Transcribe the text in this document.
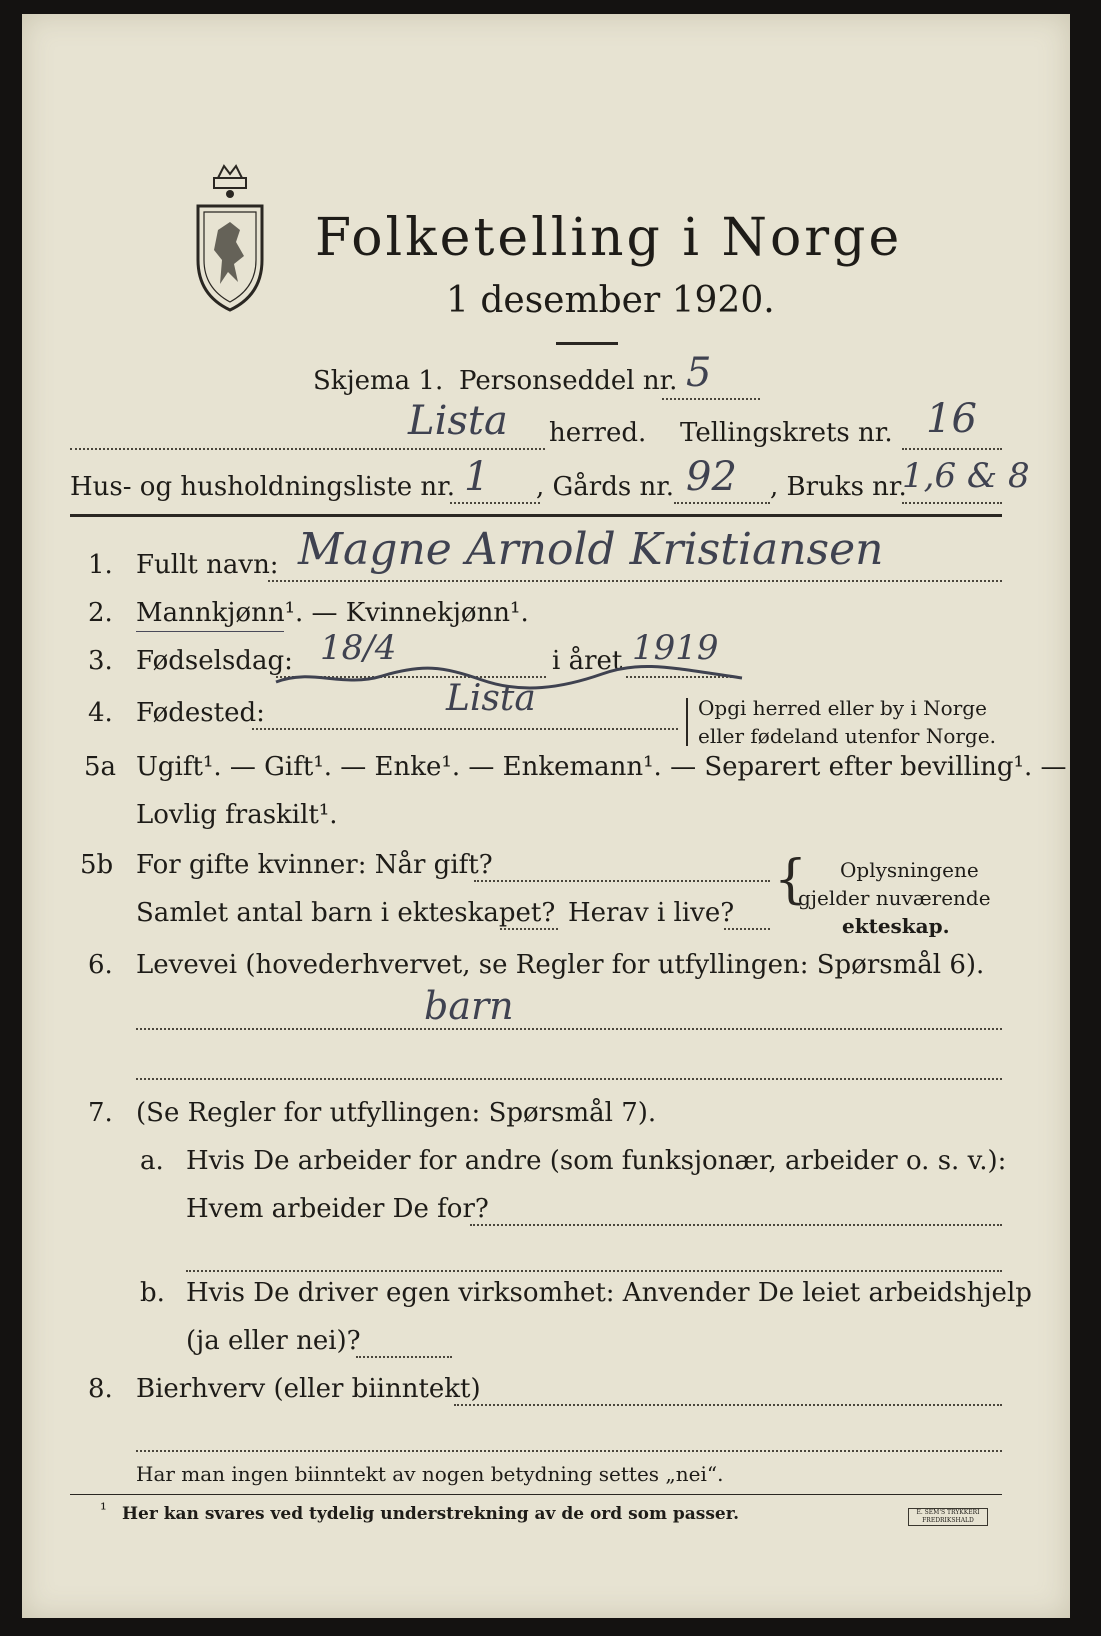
Folketelling i Norge
1 desember 1920.
Skjema 1. Personseddel nr. 5
Lista herred. Tellingskrets nr. 16
Hus- og husholdningsliste nr. 1 , Gårds nr. 92 , Bruks nr.
1,6 & 8
1. Fullt navn: Magne Arnold Kristiansen
2. Mannkjønn¹. — Kvinnekjønn¹.
3. Fødselsdag: 18/4	i året 1919
4. Fødested:	Lista	Opgi herred eller by i Norge
eller fødeland utenfor Norge.
5a Ugift¹. — Gift¹. — Enke¹. — Enkemann¹. — Separert efter bevilling¹. —
Lovlig fraskilt¹.
5b For gifte kvinner: Når gift?
Samlet antal barn i ekteskapet? Herav i live?
{ Oplysningene
gjelder nuværende
ekteskap.
6. Levevei (hovederhvervet, se Regler for utfyllingen: Spørsmål 6).
barn
7. (Se Regler for utfyllingen: Spørsmål 7).
a. Hvis De arbeider for andre (som funksjonær, arbeider o. s. v.):
Hvem arbeider De for?
b. Hvis De driver egen virksomhet: Anvender De leiet arbeidshjelp
(ja eller nei)?
8. Bierhverv (eller biinntekt)
Har man ingen biinntekt av nogen betydning settes „nei“.
¹ Her kan svares ved tydelig understrekning av de ord som passer.	E. SEM'S TRYKKERI FREDRIKSHALD
